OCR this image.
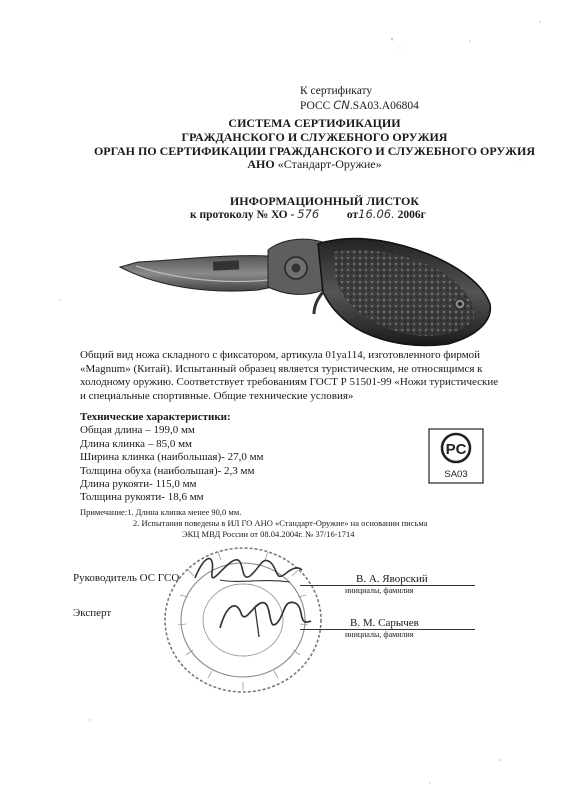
К сертификату
РОСС CN.SA03.A06804
СИСТЕМА СЕРТИФИКАЦИИ
ГРАЖДАНСКОГО И СЛУЖЕБНОГО ОРУЖИЯ
ОРГАН ПО СЕРТИФИКАЦИИ ГРАЖДАНСКОГО И СЛУЖЕБНОГО ОРУЖИЯ
АНО «Стандарт-Оружие»
ИНФОРМАЦИОННЫЙ ЛИСТОК
к протоколу № ХО - 576 от16.06. 2006г
Общий вид ножа складного с фиксатором, артикула 01уа114, изготовленного фирмой «Magnum» (Китай). Испытанный образец является туристическим, не относящимся к холодному оружию. Соответствует требованиям ГОСТ Р 51501-99 «Ножи туристические и специальные спортивные. Общие технические условия»
Технические характеристики:
Общая длина – 199,0 мм
Длина клинка – 85,0 мм
Ширина клинка (наибольшая)- 27,0 мм
Толщина обуха (наибольшая)- 2,3 мм
Длина рукояти- 115,0 мм
Толщина рукояти- 18,6 мм
PC
SA03
Примечание:1. Длина клинка менее 90,0 мм.
2. Испытания поведены в ИЛ ГО АНО «Стандарт-Оружие» на основании письма
ЭКЦ МВД России от 08.04.2004г. № 37/16-1714
Руководитель ОС ГСО	В. А. Яворский
инициалы, фамилия
Эксперт
В. М. Сарычев
инициалы, фамилия
